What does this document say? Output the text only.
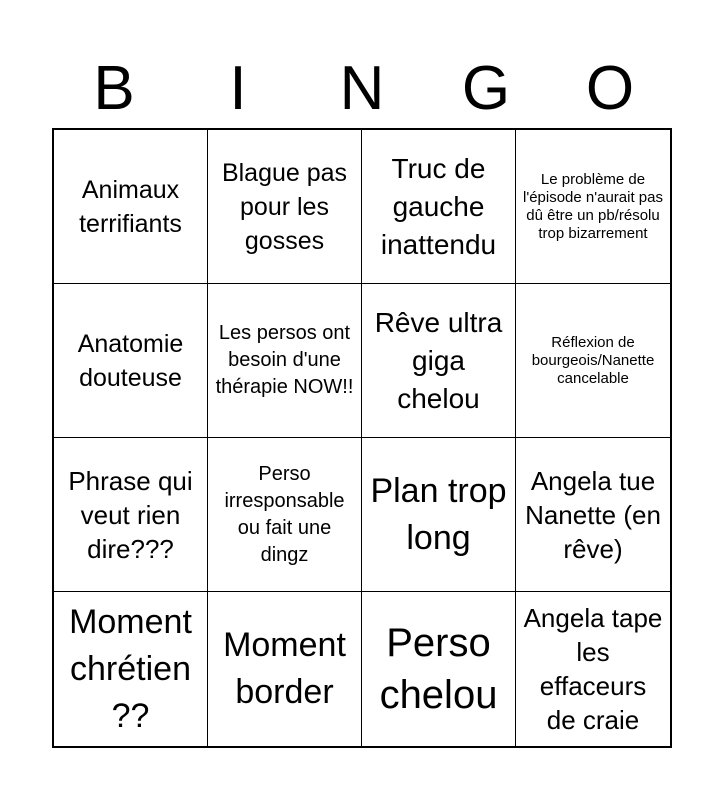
B	I	N	G	O
Animaux terrifiants
Blague pas pour les gosses
Truc de gauche inattendu
Le problème de l'épisode n'aurait pas dû être un pb/résolu trop bizarrement
Anatomie douteuse
Les persos ont besoin d'une thérapie NOW!!
Rêve ultra giga chelou
Réflexion de bourgeois/Nanette cancelable
Phrase qui veut rien dire???
Perso irresponsable ou fait une dingz
Plan trop long
Angela tue Nanette (en rêve)
Moment chrétien ??
Moment border
Perso chelou
Angela tape les effaceurs de craie
